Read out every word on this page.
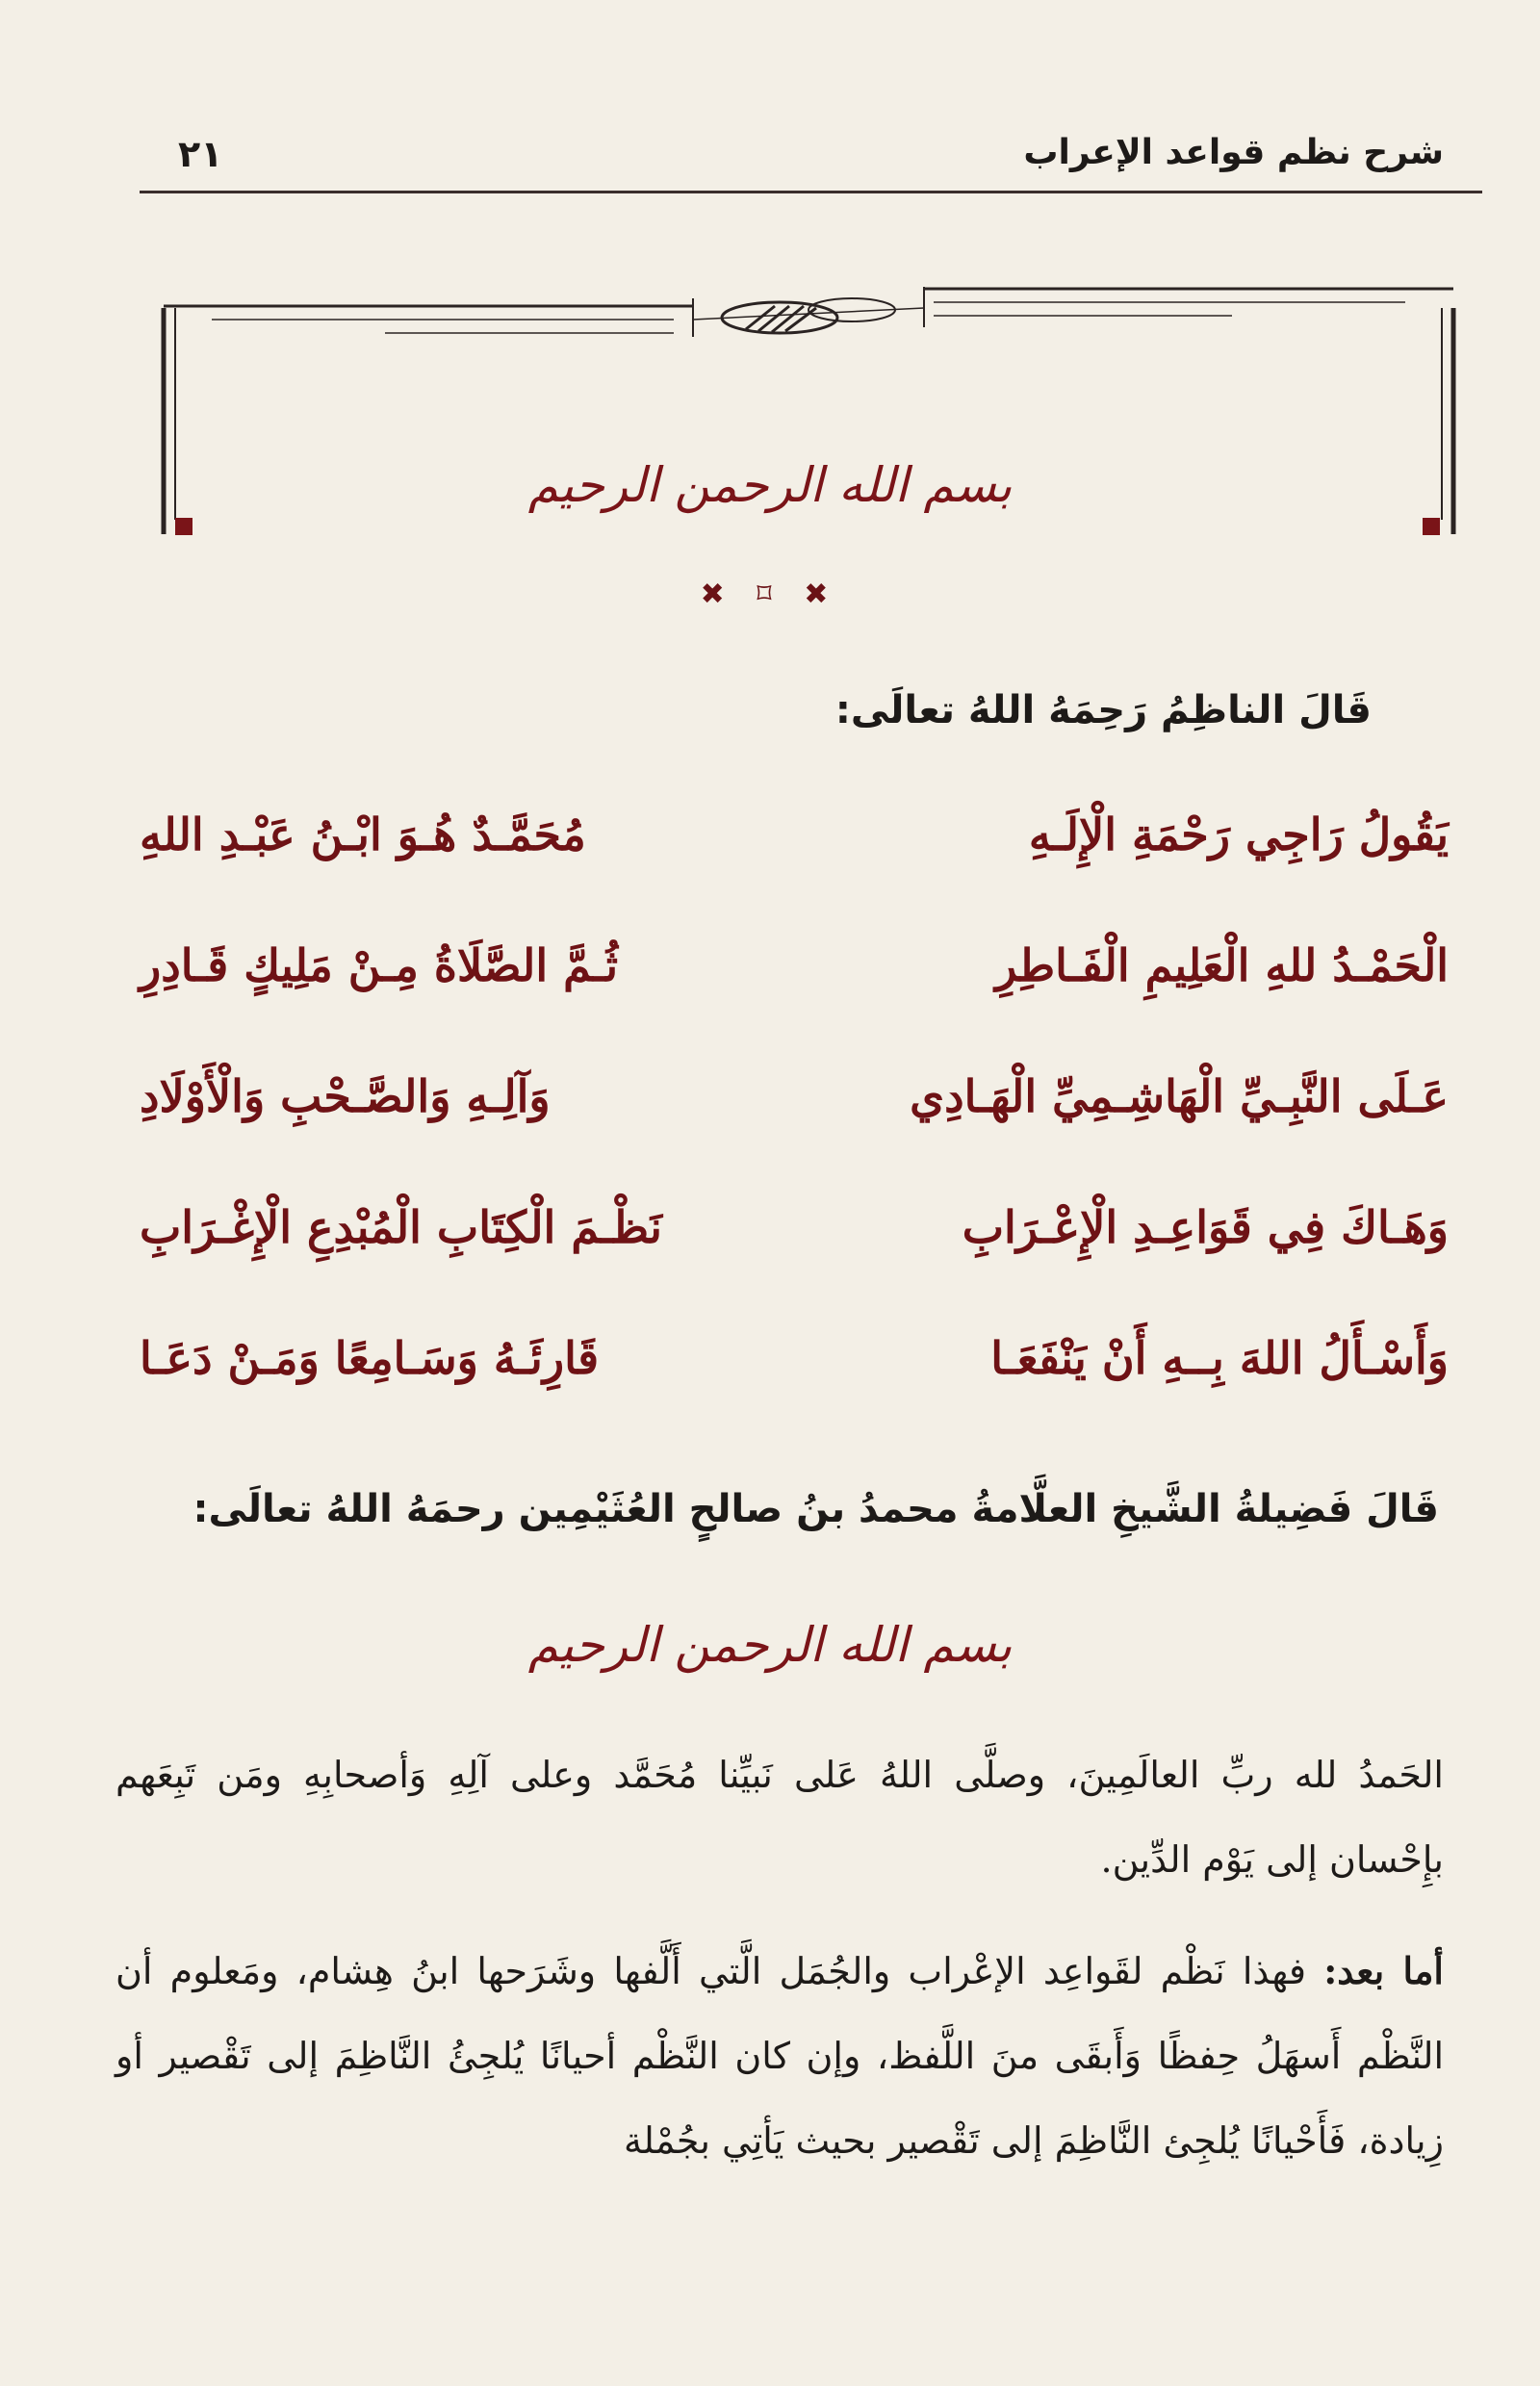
شرح نظم قواعد الإعراب
٢١
بسم الله الرحمن الرحيم
✖ ⌑ ✖
قَالَ الناظِمُ رَحِمَهُ اللهُ تعالَى:
يَقُولُ رَاجِي رَحْمَةِ الْإِلَـهِ
مُحَمَّـدٌ هُـوَ ابْـنُ عَبْـدِ اللهِ
الْحَمْـدُ للهِ الْعَلِيمِ الْفَـاطِرِ
ثُـمَّ الصَّلَاةُ مِـنْ مَلِيكٍ قَـادِرِ
عَـلَى النَّبِـيِّ الْهَاشِـمِيِّ الْهَـادِي
وَآلِـهِ وَالصَّـحْبِ وَالْأَوْلَادِ
وَهَـاكَ فِي قَوَاعِـدِ الْإِعْـرَابِ
نَظْـمَ الْكِتَابِ الْمُبْدِعِ الْإِغْـرَابِ
وَأَسْـأَلُ اللهَ بِــهِ أَنْ يَنْفَعَـا
قَارِئَـهُ وَسَـامِعًا وَمَـنْ دَعَـا
قَالَ فَضِيلةُ الشَّيخِ العلَّامةُ محمدُ بنُ صالحٍ العُثَيْمِين رحمَهُ اللهُ تعالَى:
بسم الله الرحمن الرحيم

الحَمدُ لله ربِّ العالَمِينَ، وصلَّى اللهُ عَلى نَبيِّنا مُحَمَّد وعلى آلِهِ وَأصحابِهِ ومَن تَبِعَهم بإِحْسان إلى يَوْم الدِّين.

أما بعد: فهذا نَظْم لقَواعِد الإعْراب والجُمَل الَّتي أَلَّفها وشَرَحها ابنُ هِشام، ومَعلوم أن النَّظْم أَسهَلُ حِفظًا وَأَبقَى منَ اللَّفظ، وإن كان النَّظْم أحيانًا يُلجِئُ النَّاظِمَ إلى تَقْصير أو زِيادة، فَأَحْيانًا يُلجِئ النَّاظِمَ إلى تَقْصير بحيث يَأتِي بجُمْلة
